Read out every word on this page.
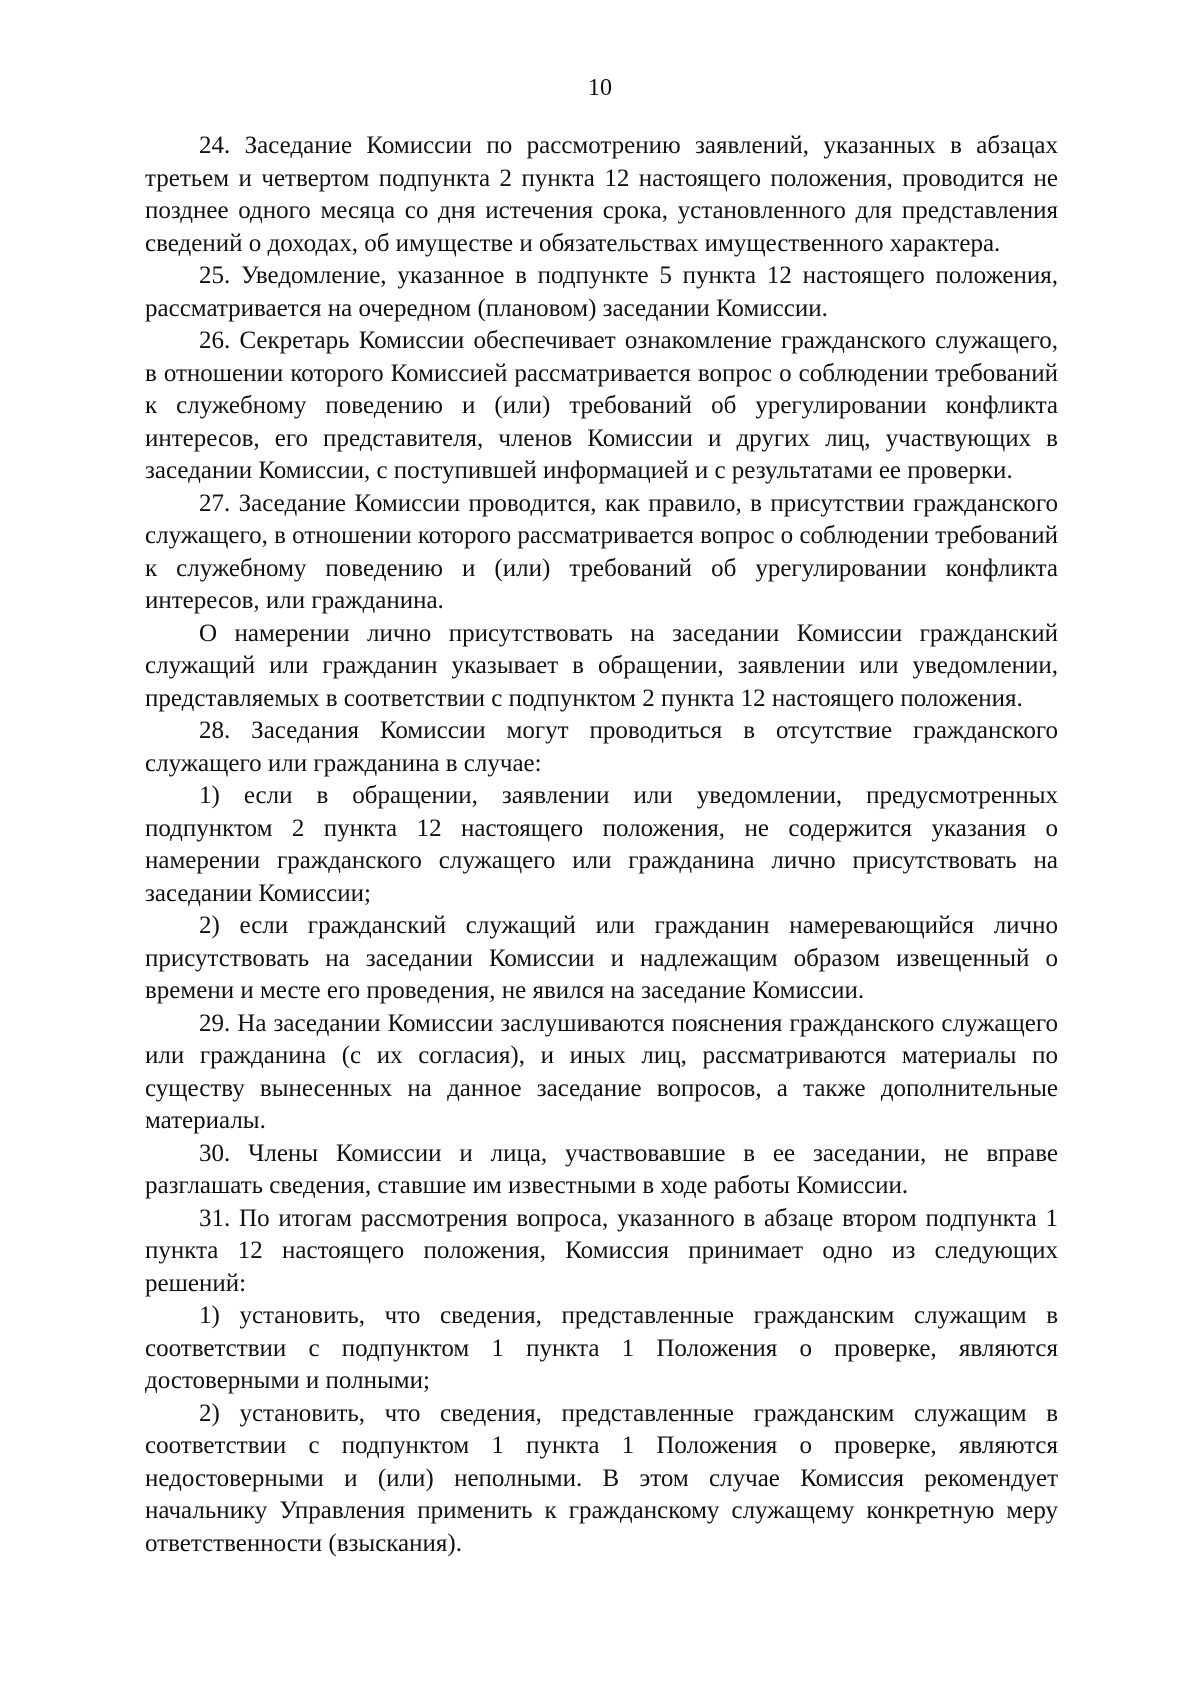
10

24. Заседание Комиссии по рассмотрению заявлений, указанных в абзацах третьем и четвертом подпункта 2 пункта 12 настоящего положения, проводится не позднее одного месяца со дня истечения срока, установленного для представления сведений о доходах, об имуществе и обязательствах имущественного характера.

25. Уведомление, указанное в подпункте 5 пункта 12 настоящего положения, рассматривается на очередном (плановом) заседании Комиссии.

26. Секретарь Комиссии обеспечивает ознакомление гражданского служащего, в отношении которого Комиссией рассматривается вопрос о соблюдении требований к служебному поведению и (или) требований об урегулировании конфликта интересов, его представителя, членов Комиссии и других лиц, участвующих в заседании Комиссии, с поступившей информацией и с результатами ее проверки.

27. Заседание Комиссии проводится, как правило, в присутствии гражданского служащего, в отношении которого рассматривается вопрос о соблюдении требований к служебному поведению и (или) требований об урегулировании конфликта интересов, или гражданина.

О намерении лично присутствовать на заседании Комиссии гражданский служащий или гражданин указывает в обращении, заявлении или уведомлении, представляемых в соответствии с подпунктом 2 пункта 12 настоящего положения.

28. Заседания Комиссии могут проводиться в отсутствие гражданского служащего или гражданина в случае:

1) если в обращении, заявлении или уведомлении, предусмотренных подпунктом 2 пункта 12 настоящего положения, не содержится указания о намерении гражданского служащего или гражданина лично присутствовать на заседании Комиссии;

2) если гражданский служащий или гражданин намеревающийся лично присутствовать на заседании Комиссии и надлежащим образом извещенный о времени и месте его проведения, не явился на заседание Комиссии.

29. На заседании Комиссии заслушиваются пояснения гражданского служащего или гражданина (с их согласия), и иных лиц, рассматриваются материалы по существу вынесенных на данное заседание вопросов, а также дополнительные материалы.

30. Члены Комиссии и лица, участвовавшие в ее заседании, не вправе разглашать сведения, ставшие им известными в ходе работы Комиссии.

31. По итогам рассмотрения вопроса, указанного в абзаце втором подпункта 1 пункта 12 настоящего положения, Комиссия принимает одно из следующих решений:

1) установить, что сведения, представленные гражданским служащим в соответствии с подпунктом 1 пункта 1 Положения о проверке, являются достоверными и полными;

2) установить, что сведения, представленные гражданским служащим в соответствии с подпунктом 1 пункта 1 Положения о проверке, являются недостоверными и (или) неполными. В этом случае Комиссия рекомендует начальнику Управления применить к гражданскому служащему конкретную меру ответственности (взыскания).
